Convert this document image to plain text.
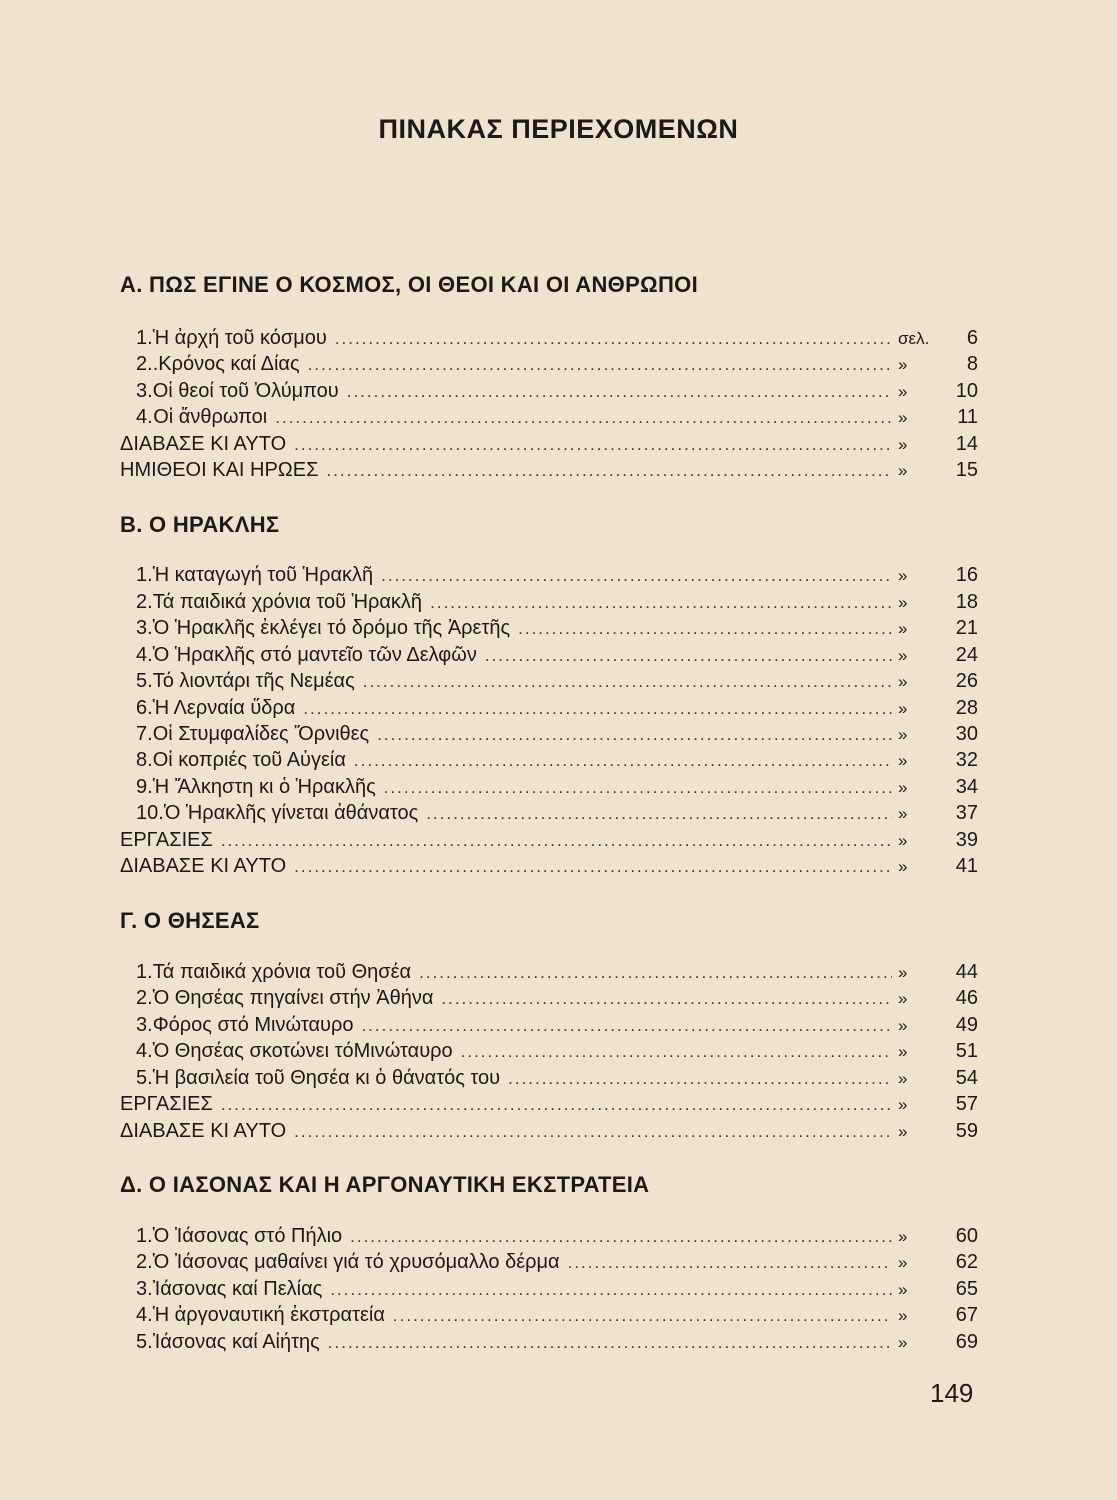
ΠΙΝΑΚΑΣ ΠΕΡΙΕΧΟΜΕΝΩΝ
Α. ΠΩΣ ΕΓΙΝΕ Ο ΚΟΣΜΟΣ, ΟΙ ΘΕΟΙ ΚΑΙ ΟΙ ΑΝΘΡΩΠΟΙ
1. Ἡ ἀρχή τοῦ κόσμου .....	σελ.	6
2. .Κρόνος καί Δίας .....	»	8
3. Οἱ θεοί τοῦ Ὀλύμπου .....	»	10
4. Οἱ ἄνθρωποι .....	»	11
ΔΙΑΒΑΣΕ ΚΙ ΑΥΤΟ .....	»	14
ΗΜΙΘΕΟΙ ΚΑΙ ΗΡΩΕΣ .....	»	15
Β. Ο ΗΡΑΚΛΗΣ
1. Ἡ καταγωγή τοῦ Ἡρακλῆ .....	»	16
2. Τά παιδικά χρόνια τοῦ Ἡρακλῆ .....	»	18
3. Ὁ Ἡρακλῆς ἐκλέγει τό δρόμο τῆς Ἀρετῆς .....	»	21
4. Ὁ Ἡρακλῆς στό μαντεῖο τῶν Δελφῶν .....	»	24
5. Τό λιοντάρι τῆς Νεμέας .....	»	26
6. Ἡ Λερναία ὕδρα .....	»	28
7. Οἱ Στυμφαλίδες Ὄρνιθες .....	»	30
8. Οἱ κοπριές τοῦ Αὐγεία .....	»	32
9. Ἡ Ἄλκηστη κι ὁ Ἡρακλῆς .....	»	34
10. Ὁ Ἡρακλῆς γίνεται ἀθάνατος .....	»	37
ΕΡΓΑΣΙΕΣ .....	»	39
ΔΙΑΒΑΣΕ ΚΙ ΑΥΤΟ .....	»	41
Γ. Ο ΘΗΣΕΑΣ
1. Τά παιδικά χρόνια τοῦ Θησέα .....	»	44
2. Ὁ Θησέας πηγαίνει στήν Ἀθήνα .....	»	46
3. Φόρος στό Μινώταυρο .....	»	49
4. Ὁ Θησέας σκοτώνει τόΜινώταυρο .....	»	51
5. Ἡ βασιλεία τοῦ Θησέα κι ὁ θάνατός του .....	»	54
ΕΡΓΑΣΙΕΣ .....	»	57
ΔΙΑΒΑΣΕ ΚΙ ΑΥΤΟ .....	»	59
Δ. Ο ΙΑΣΟΝΑΣ ΚΑΙ Η ΑΡΓΟΝΑΥΤΙΚΗ ΕΚΣΤΡΑΤΕΙΑ
1. Ὁ Ἰάσονας στό Πήλιο .....	»	60
2. Ὁ Ἰάσονας μαθαίνει γιά τό χρυσόμαλλο δέρμα .....	»	62
3. Ἰάσονας καί Πελίας .....	»	65
4. Ἡ ἀργοναυτική ἐκστρατεία .....	»	67
5. Ἰάσονας καί Αἰήτης .....	»	69
149
